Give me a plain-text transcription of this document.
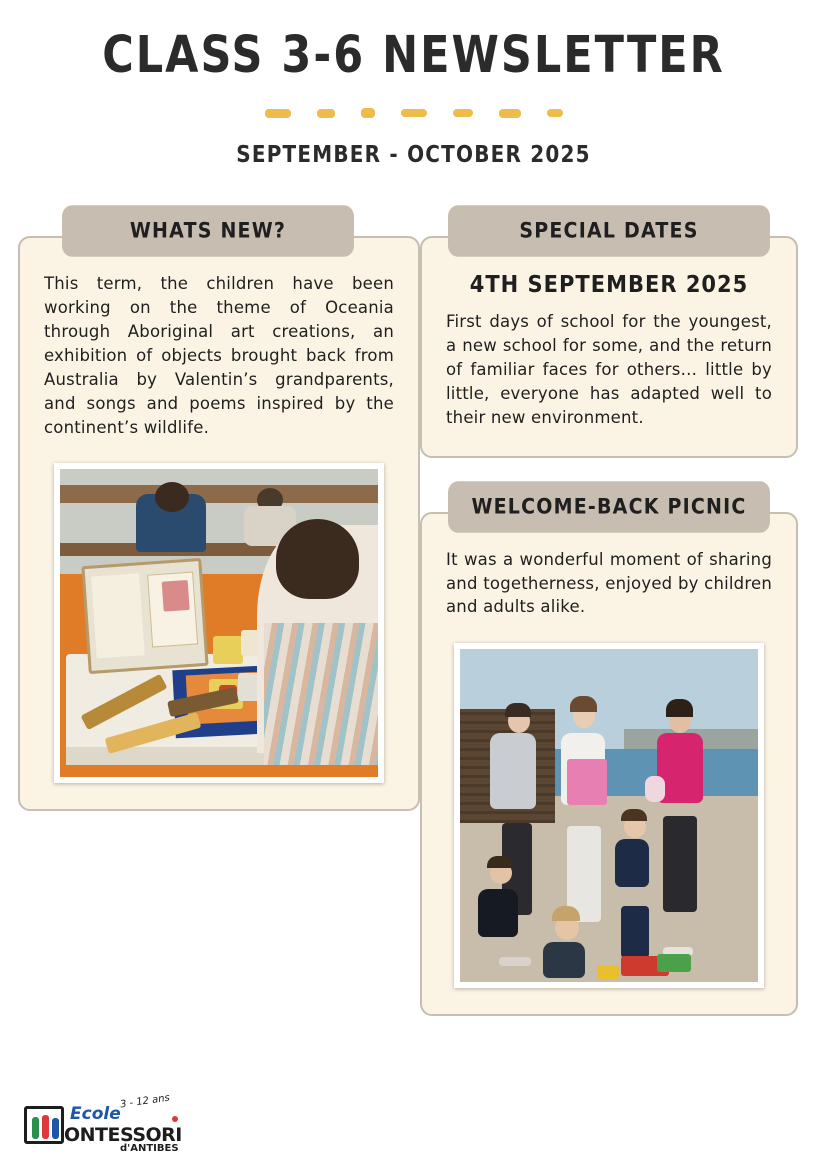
CLASS 3-6 NEWSLETTER
SEPTEMBER - OCTOBER 2025
WHATS NEW?

This term, the children have been working on the theme of Oceania through Aboriginal art creations, an exhibition of objects brought back from Australia by Valentin’s grandparents, and songs and poems inspired by the continent’s wildlife.

SPECIAL DATES
4TH SEPTEMBER 2025

First days of school for the youngest, a new school for some, and the return of familiar faces for others… little by little, everyone has adapted well to their new environment.

WELCOME-BACK PICNIC

It was a wonderful moment of sharing and togetherness, enjoyed by children and adults alike.

Ecole
ONTESSORI
d'ANTIBES
3 - 12 ans
